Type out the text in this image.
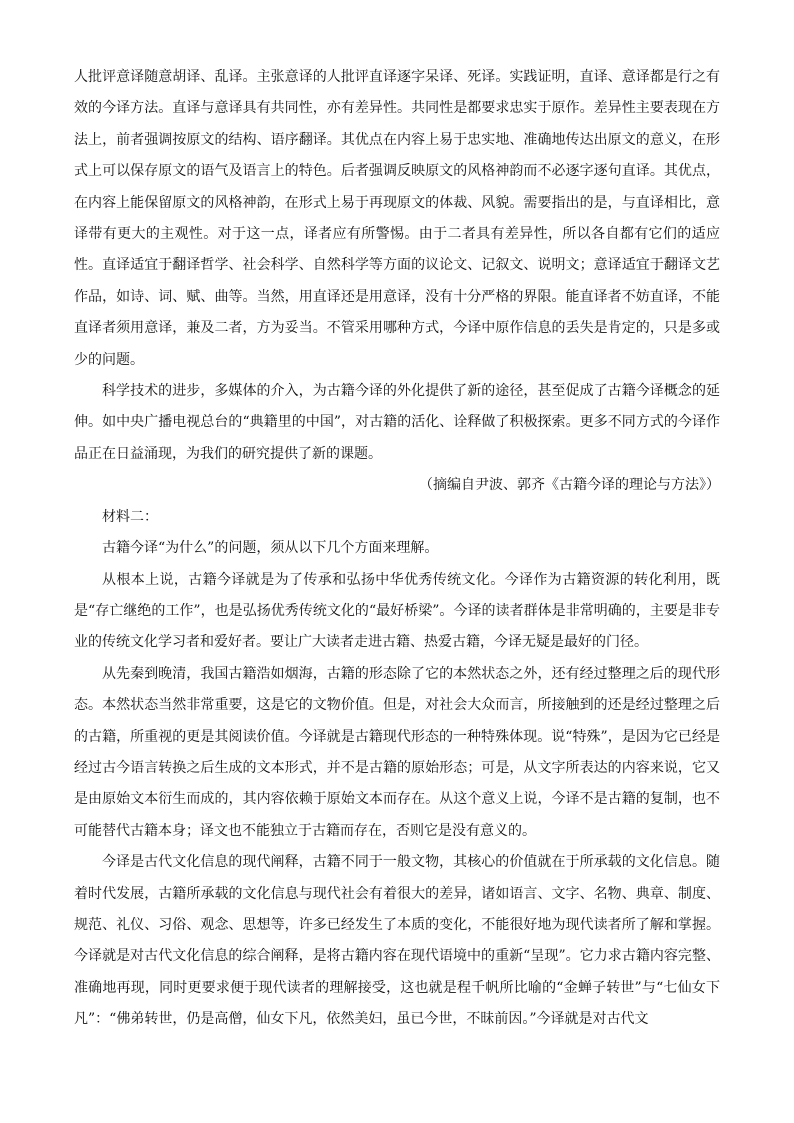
人批评意译随意胡译、乱译。主张意译的人批评直译逐字呆译、死译。实践证明，直译、意译都是行之有效的今译方法。直译与意译具有共同性，亦有差异性。共同性是都要求忠实于原作。差异性主要表现在方法上，前者强调按原文的结构、语序翻译。其优点在内容上易于忠实地、准确地传达出原文的意义，在形式上可以保存原文的语气及语言上的特色。后者强调反映原文的风格神韵而不必逐字逐句直译。其优点，在内容上能保留原文的风格神韵，在形式上易于再现原文的体裁、风貌。需要指出的是，与直译相比，意译带有更大的主观性。对于这一点，译者应有所警惕。由于二者具有差异性，所以各自都有它们的适应性。直译适宜于翻译哲学、社会科学、自然科学等方面的议论文、记叙文、说明文；意译适宜于翻译文艺作品，如诗、词、赋、曲等。当然，用直译还是用意译，没有十分严格的界限。能直译者不妨直译，不能直译者须用意译，兼及二者，方为妥当。不管采用哪种方式，今译中原作信息的丢失是肯定的，只是多或少的问题。

科学技术的进步，多媒体的介入，为古籍今译的外化提供了新的途径，甚至促成了古籍今译概念的延伸。如中央广播电视总台的“典籍里的中国”，对古籍的活化、诠释做了积极探索。更多不同方式的今译作品正在日益涌现，为我们的研究提供了新的课题。

（摘编自尹波、郭齐《古籍今译的理论与方法》）

材料二：

古籍今译“为什么”的问题，须从以下几个方面来理解。

从根本上说，古籍今译就是为了传承和弘扬中华优秀传统文化。今译作为古籍资源的转化利用，既是“存亡继绝的工作”，也是弘扬优秀传统文化的“最好桥梁”。今译的读者群体是非常明确的，主要是非专业的传统文化学习者和爱好者。要让广大读者走进古籍、热爱古籍，今译无疑是最好的门径。

从先秦到晚清，我国古籍浩如烟海，古籍的形态除了它的本然状态之外，还有经过整理之后的现代形态。本然状态当然非常重要，这是它的文物价值。但是，对社会大众而言，所接触到的还是经过整理之后的古籍，所重视的更是其阅读价值。今译就是古籍现代形态的一种特殊体现。说“特殊”，是因为它已经是经过古今语言转换之后生成的文本形式，并不是古籍的原始形态；可是，从文字所表达的内容来说，它又是由原始文本衍生而成的，其内容依赖于原始文本而存在。从这个意义上说，今译不是古籍的复制，也不可能替代古籍本身；译文也不能独立于古籍而存在，否则它是没有意义的。

今译是古代文化信息的现代阐释，古籍不同于一般文物，其核心的价值就在于所承载的文化信息。随着时代发展，古籍所承载的文化信息与现代社会有着很大的差异，诸如语言、文字、名物、典章、制度、规范、礼仪、习俗、观念、思想等，许多已经发生了本质的变化，不能很好地为现代读者所了解和掌握。今译就是对古代文化信息的综合阐释，是将古籍内容在现代语境中的重新“呈现”。它力求古籍内容完整、准确地再现，同时更要求便于现代读者的理解接受，这也就是程千帆所比喻的“金蝉子转世”与“七仙女下凡”：“佛弟转世，仍是高僧，仙女下凡，依然美妇，虽已今世，不昧前因。”今译就是对古代文
